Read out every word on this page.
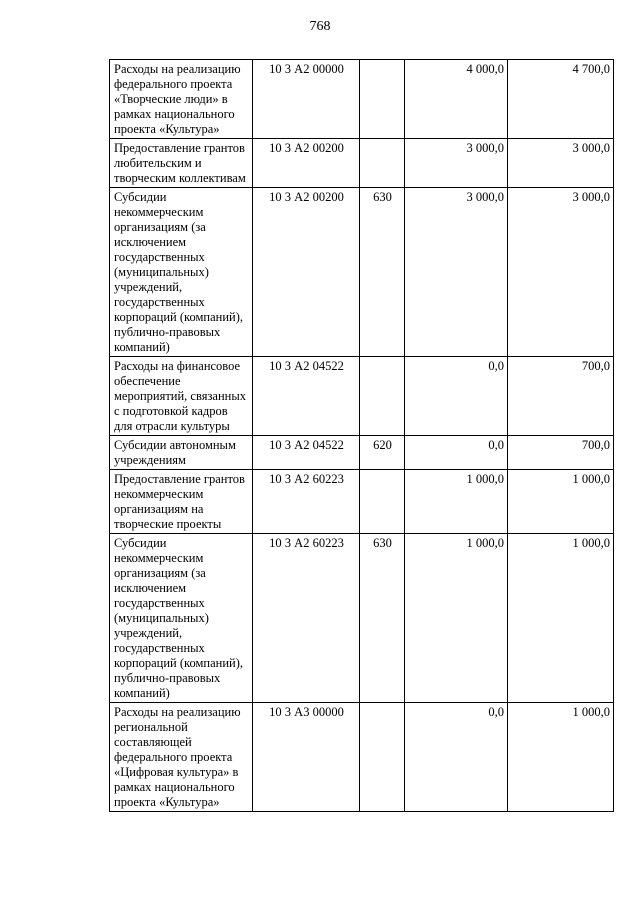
768
Расходы на реализацию федерального проекта «Творческие люди» в рамках национального проекта «Культура»	10 3 А2 00000		4 000,0	4 700,0
Предоставление грантов любительским и творческим коллективам	10 3 А2 00200		3 000,0	3 000,0
Субсидии некоммерческим организациям (за исключением государственных (муниципальных) учреждений, государственных корпораций (компаний), публично-правовых компаний)	10 3 А2 00200	630	3 000,0	3 000,0
Расходы на финансовое обеспечение мероприятий, связанных с подготовкой кадров для отрасли культуры	10 3 А2 04522		0,0	700,0
Субсидии автономным учреждениям	10 3 А2 04522	620	0,0	700,0
Предоставление грантов некоммерческим организациям на творческие проекты	10 3 А2 60223		1 000,0	1 000,0
Субсидии некоммерческим организациям (за исключением государственных (муниципальных) учреждений, государственных корпораций (компаний), публично-правовых компаний)	10 3 А2 60223	630	1 000,0	1 000,0
Расходы на реализацию региональной составляющей федерального проекта «Цифровая культура» в рамках национального проекта «Культура»	10 3 А3 00000		0,0	1 000,0
